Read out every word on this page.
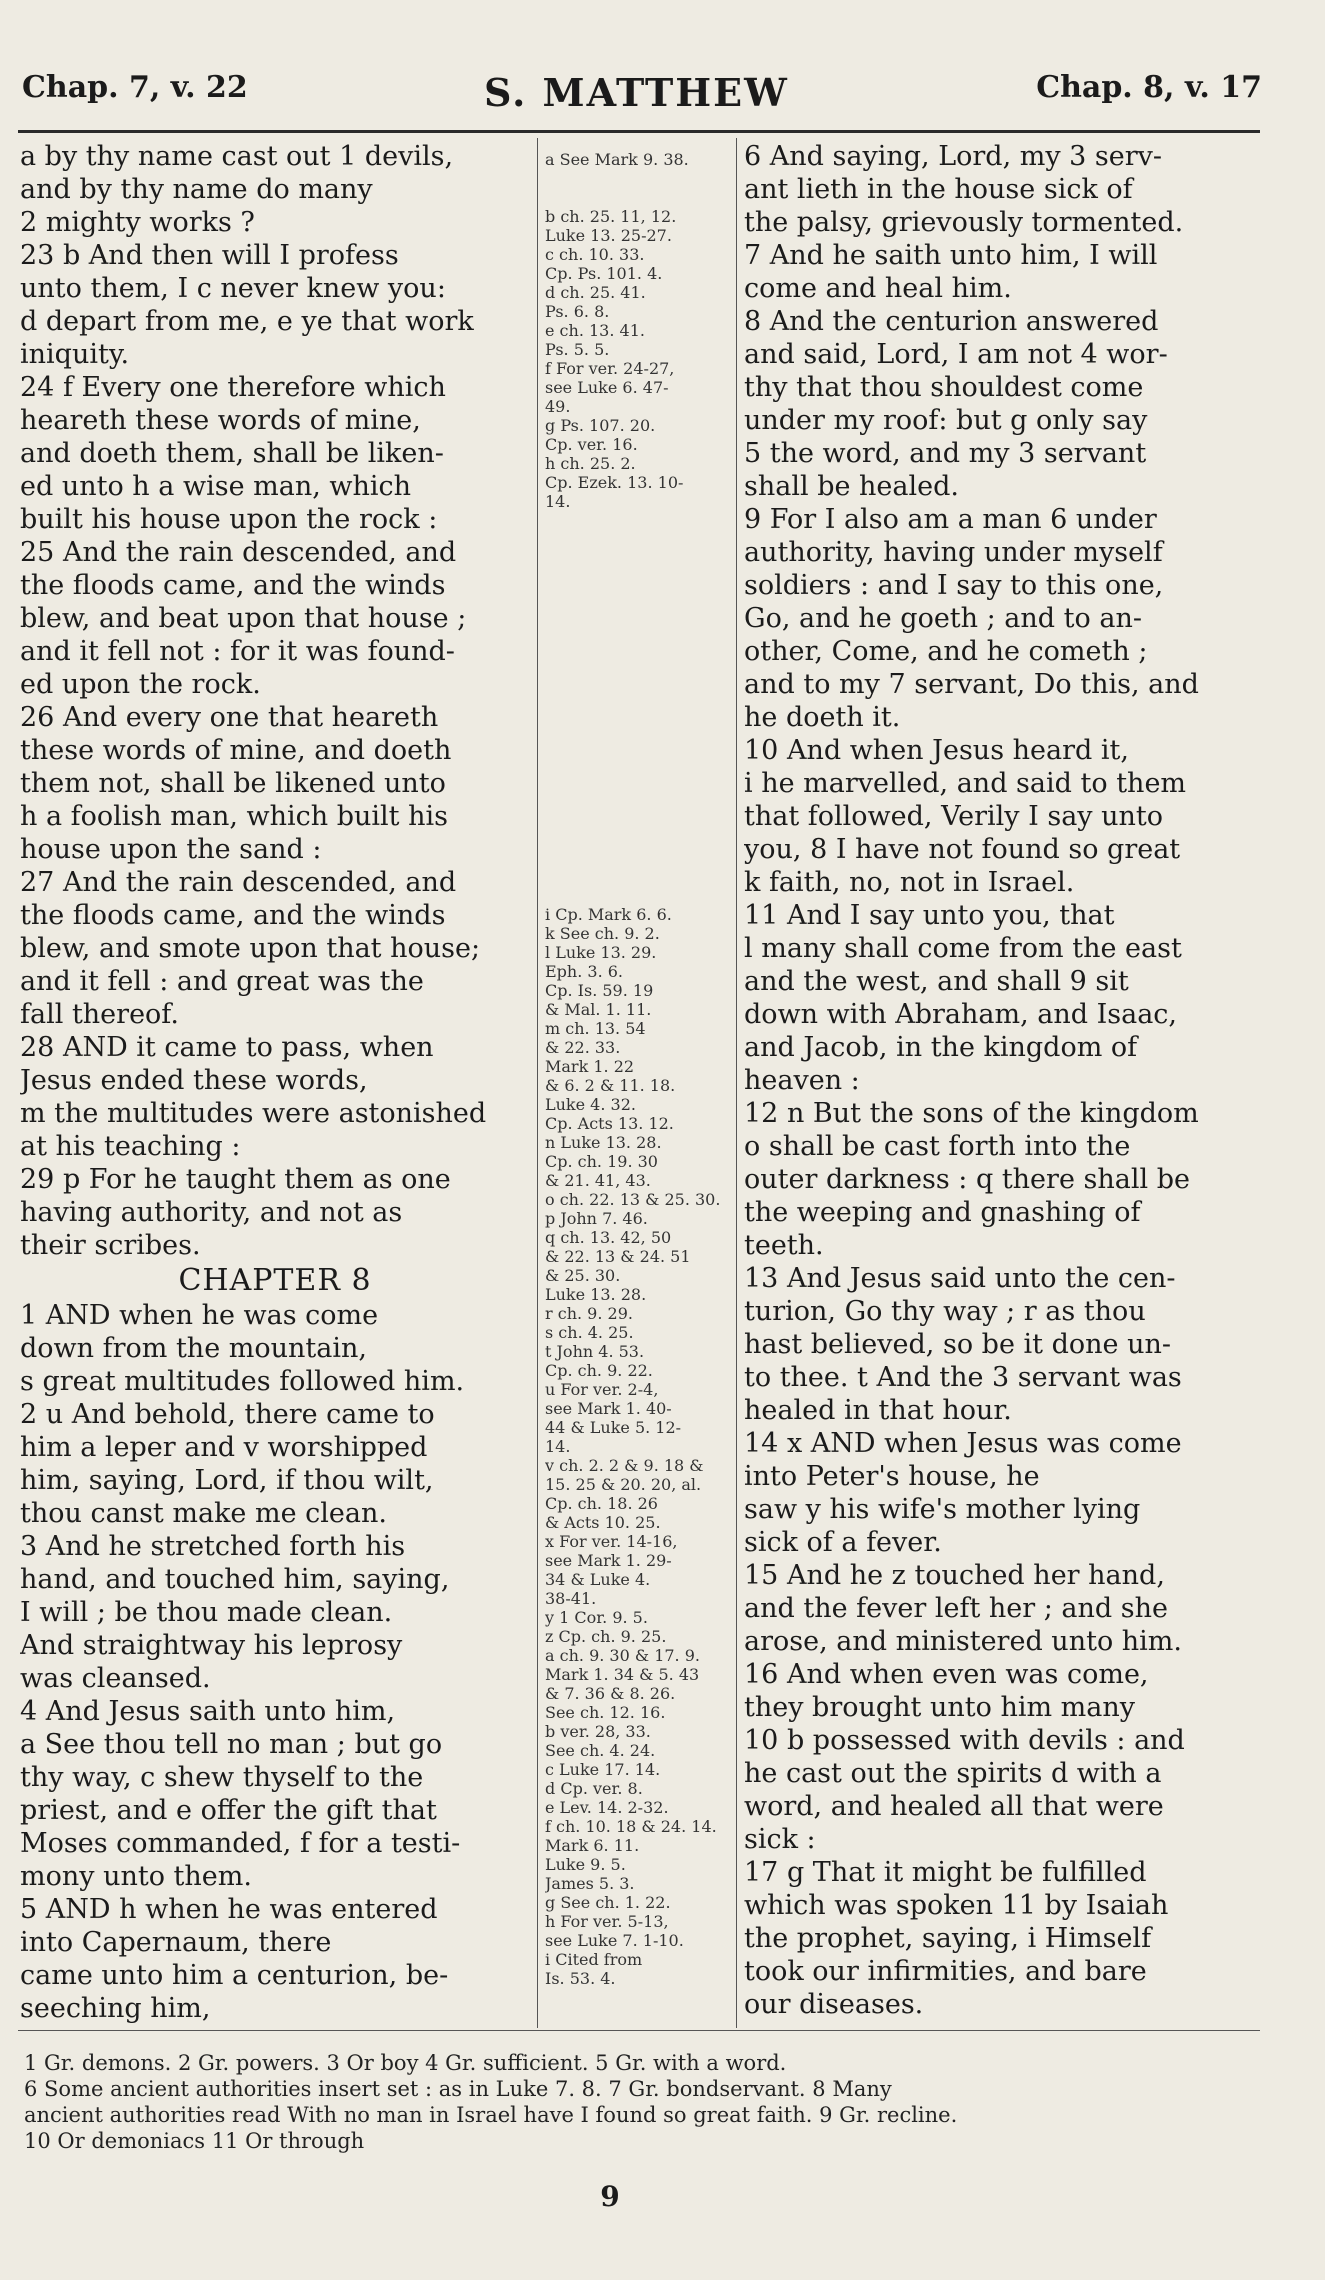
Chap. 7, v. 22	S. MATTHEW	Chap. 8, v. 17
a by thy name cast out 1 devils,
and by thy name do many
2 mighty works ?
23 b And then will I profess
unto them, I c never knew you:
d depart from me, e ye that work
iniquity.
24 f Every one therefore which
heareth these words of mine,
and doeth them, shall be liken-
ed unto h a wise man, which
built his house upon the rock :
25 And the rain descended, and
the floods came, and the winds
blew, and beat upon that house ;
and it fell not : for it was found-
ed upon the rock.
26 And every one that heareth
these words of mine, and doeth
them not, shall be likened unto
h a foolish man, which built his
house upon the sand :
27 And the rain descended, and
the floods came, and the winds
blew, and smote upon that house;
and it fell : and great was the
fall thereof.
28 AND it came to pass, when
Jesus ended these words,
m the multitudes were astonished
at his teaching :
29 p For he taught them as one
having authority, and not as
their scribes.
CHAPTER 8
1 AND when he was come
down from the mountain,
s great multitudes followed him.
2 u And behold, there came to
him a leper and v worshipped
him, saying, Lord, if thou wilt,
thou canst make me clean.
3 And he stretched forth his
hand, and touched him, saying,
I will ; be thou made clean.
And straightway his leprosy
was cleansed.
4 And Jesus saith unto him,
a See thou tell no man ; but go
thy way, c shew thyself to the
priest, and e offer the gift that
Moses commanded, f for a testi-
mony unto them.
5 AND h when he was entered
into Capernaum, there
came unto him a centurion, be-
seeching him,
a See Mark 9. 38.

b ch. 25. 11, 12.
Luke 13. 25-27.
c ch. 10. 33.
Cp. Ps. 101. 4.
d ch. 25. 41.
Ps. 6. 8.
e ch. 13. 41.
Ps. 5. 5.
f For ver. 24-27,
see Luke 6. 47-
49.
g Ps. 107. 20.
Cp. ver. 16.
h ch. 25. 2.
Cp. Ezek. 13. 10-
14.
i Cp. Mark 6. 6.
k See ch. 9. 2.
l Luke 13. 29.
Eph. 3. 6.
Cp. Is. 59. 19
& Mal. 1. 11.
m ch. 13. 54
& 22. 33.
Mark 1. 22
& 6. 2 & 11. 18.
Luke 4. 32.
Cp. Acts 13. 12.
n Luke 13. 28.
Cp. ch. 19. 30
& 21. 41, 43.
o ch. 22. 13 & 25. 30.
p John 7. 46.
q ch. 13. 42, 50
& 22. 13 & 24. 51
& 25. 30.
Luke 13. 28.
r ch. 9. 29.
s ch. 4. 25.
t John 4. 53.
Cp. ch. 9. 22.
u For ver. 2-4,
see Mark 1. 40-
44 & Luke 5. 12-
14.
v ch. 2. 2 & 9. 18 &
15. 25 & 20. 20, al.
Cp. ch. 18. 26
& Acts 10. 25.
x For ver. 14-16,
see Mark 1. 29-
34 & Luke 4.
38-41.
y 1 Cor. 9. 5.
z Cp. ch. 9. 25.
a ch. 9. 30 & 17. 9.
Mark 1. 34 & 5. 43
& 7. 36 & 8. 26.
See ch. 12. 16.
b ver. 28, 33.
See ch. 4. 24.
c Luke 17. 14.
d Cp. ver. 8.
e Lev. 14. 2-32.
f ch. 10. 18 & 24. 14.
Mark 6. 11.
Luke 9. 5.
James 5. 3.
g See ch. 1. 22.
h For ver. 5-13,
see Luke 7. 1-10.
i Cited from
Is. 53. 4.
6 And saying, Lord, my 3 serv-
ant lieth in the house sick of
the palsy, grievously tormented.
7 And he saith unto him, I will
come and heal him.
8 And the centurion answered
and said, Lord, I am not 4 wor-
thy that thou shouldest come
under my roof: but g only say
5 the word, and my 3 servant
shall be healed.
9 For I also am a man 6 under
authority, having under myself
soldiers : and I say to this one,
Go, and he goeth ; and to an-
other, Come, and he cometh ;
and to my 7 servant, Do this, and
he doeth it.
10 And when Jesus heard it,
i he marvelled, and said to them
that followed, Verily I say unto
you, 8 I have not found so great
k faith, no, not in Israel.
11 And I say unto you, that
l many shall come from the east
and the west, and shall 9 sit
down with Abraham, and Isaac,
and Jacob, in the kingdom of
heaven :
12 n But the sons of the kingdom
o shall be cast forth into the
outer darkness : q there shall be
the weeping and gnashing of
teeth.
13 And Jesus said unto the cen-
turion, Go thy way ; r as thou
hast believed, so be it done un-
to thee. t And the 3 servant was
healed in that hour.
14 x AND when Jesus was come
into Peter's house, he
saw y his wife's mother lying
sick of a fever.
15 And he z touched her hand,
and the fever left her ; and she
arose, and ministered unto him.
16 And when even was come,
they brought unto him many
10 b possessed with devils : and
he cast out the spirits d with a
word, and healed all that were
sick :
17 g That it might be fulfilled
which was spoken 11 by Isaiah
the prophet, saying, i Himself
took our infirmities, and bare
our diseases.
1 Gr. demons. 2 Gr. powers. 3 Or boy 4 Gr. sufficient. 5 Gr. with a word.
6 Some ancient authorities insert set : as in Luke 7. 8. 7 Gr. bondservant. 8 Many
ancient authorities read With no man in Israel have I found so great faith. 9 Gr. recline.
10 Or demoniacs 11 Or through
9
